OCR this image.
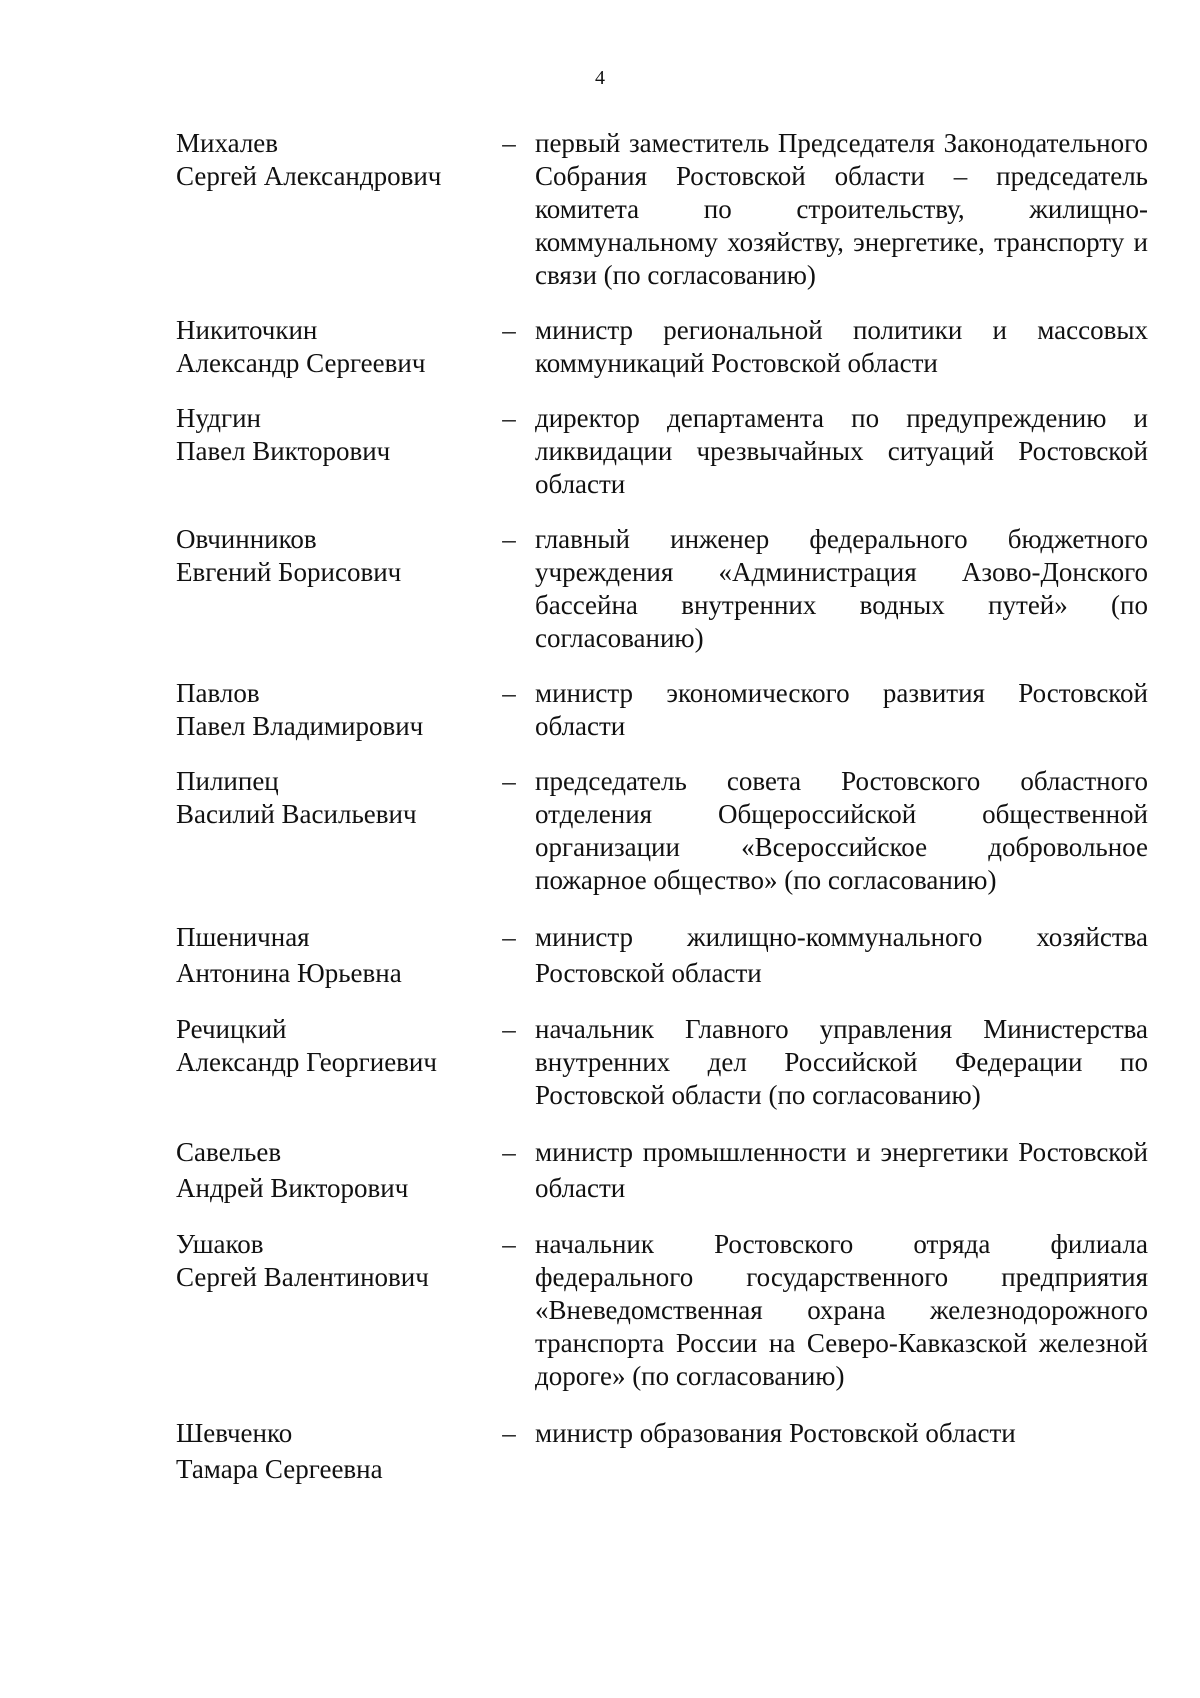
4
Михалев
Сергей Александрович
– первый заместитель Председателя Законодательного Собрания Ростовской области – председатель комитета по строительству, жилищно-коммунальному хозяйству, энергетике, транспорту и связи (по согласованию)
Никиточкин
Александр Сергеевич
– министр региональной политики и массовых коммуникаций Ростовской области
Нудгин
Павел Викторович
– директор департамента по предупреждению и ликвидации чрезвычайных ситуаций Ростовской области
Овчинников
Евгений Борисович
– главный инженер федерального бюджетного учреждения «Администрация Азово-Донского бассейна внутренних водных путей» (по согласованию)
Павлов
Павел Владимирович
– министр экономического развития Ростовской области
Пилипец
Василий Васильевич
– председатель совета Ростовского областного отделения Общероссийской общественной организации «Всероссийское добровольное пожарное общество» (по согласованию)
Пшеничная
Антонина Юрьевна
– министр жилищно-коммунального хозяйства Ростовской области
Речицкий
Александр Георгиевич
– начальник Главного управления Министерства внутренних дел Российской Федерации по Ростовской области (по согласованию)
Савельев
Андрей Викторович
– министр промышленности и энергетики Ростовской области
Ушаков
Сергей Валентинович
– начальник Ростовского отряда филиала федерального государственного предприятия «Вневедомственная охрана железнодорожного транспорта России на Северо-Кавказской железной дороге» (по согласованию)
Шевченко
Тамара Сергеевна
– министр образования Ростовской области
